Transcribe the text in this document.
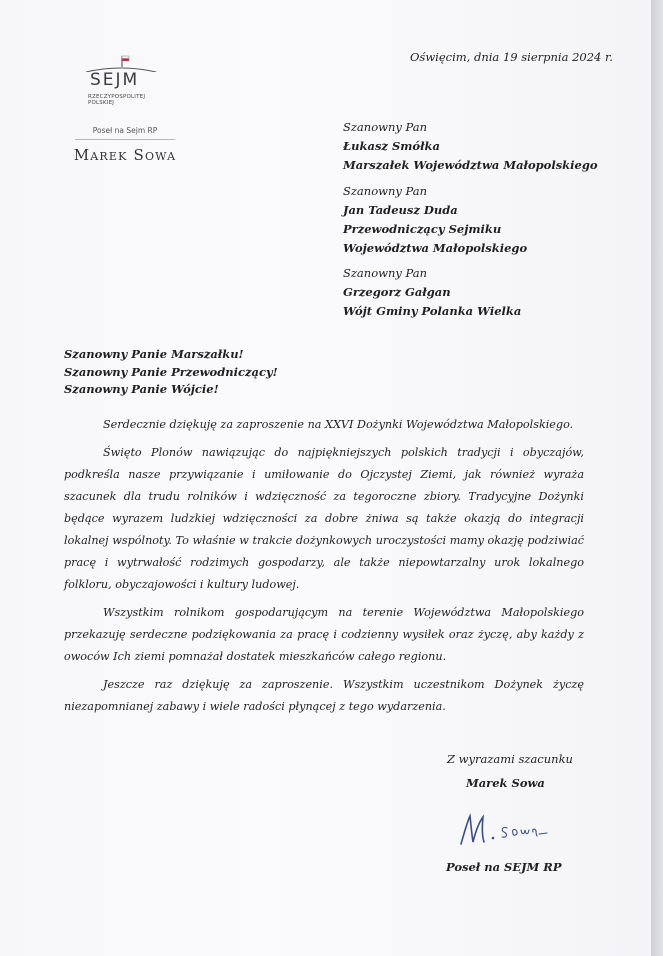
Oświęcim, dnia 19 sierpnia 2024 r.
SEJM
RZECZYPOSPOLITEJ POLSKIEJ
Poseł na Sejm RP
Marek Sowa
Szanowny Pan
Łukasz Smółka
Marszałek Województwa Małopolskiego
Szanowny Pan
Jan Tadeusz Duda
Przewodniczący Sejmiku
Województwa Małopolskiego
Szanowny Pan
Grzegorz Gałgan
Wójt Gminy Polanka Wielka
Szanowny Panie Marszałku!
Szanowny Panie Przewodniczący!
Szanowny Panie Wójcie!

Serdecznie dziękuję za zaproszenie na XXVI Dożynki Województwa Małopolskiego.

Święto Plonów nawiązując do najpiękniejszych polskich tradycji i obyczajów, podkreśla nasze przywiązanie i umiłowanie do Ojczystej Ziemi, jak również wyraża szacunek dla trudu rolników i wdzięczność za tegoroczne zbiory. Tradycyjne Dożynki będące wyrazem ludzkiej wdzięczności za dobre żniwa są także okazją do integracji lokalnej wspólnoty. To właśnie w trakcie dożynkowych uroczystości mamy okazję podziwiać pracę i wytrwałość rodzimych gospodarzy, ale także niepowtarzalny urok lokalnego folkloru, obyczajowości i kultury ludowej.

Wszystkim rolnikom gospodarującym na terenie Województwa Małopolskiego przekazuję serdeczne podziękowania za pracę i codzienny wysiłek oraz życzę, aby każdy z owoców Ich ziemi pomnażał dostatek mieszkańców całego regionu.

Jeszcze raz dziękuję za zaproszenie. Wszystkim uczestnikom Dożynek życzę niezapomnianej zabawy i wiele radości płynącej z tego wydarzenia.

Z wyrazami szacunku
Marek Sowa
Poseł na SEJM RP
